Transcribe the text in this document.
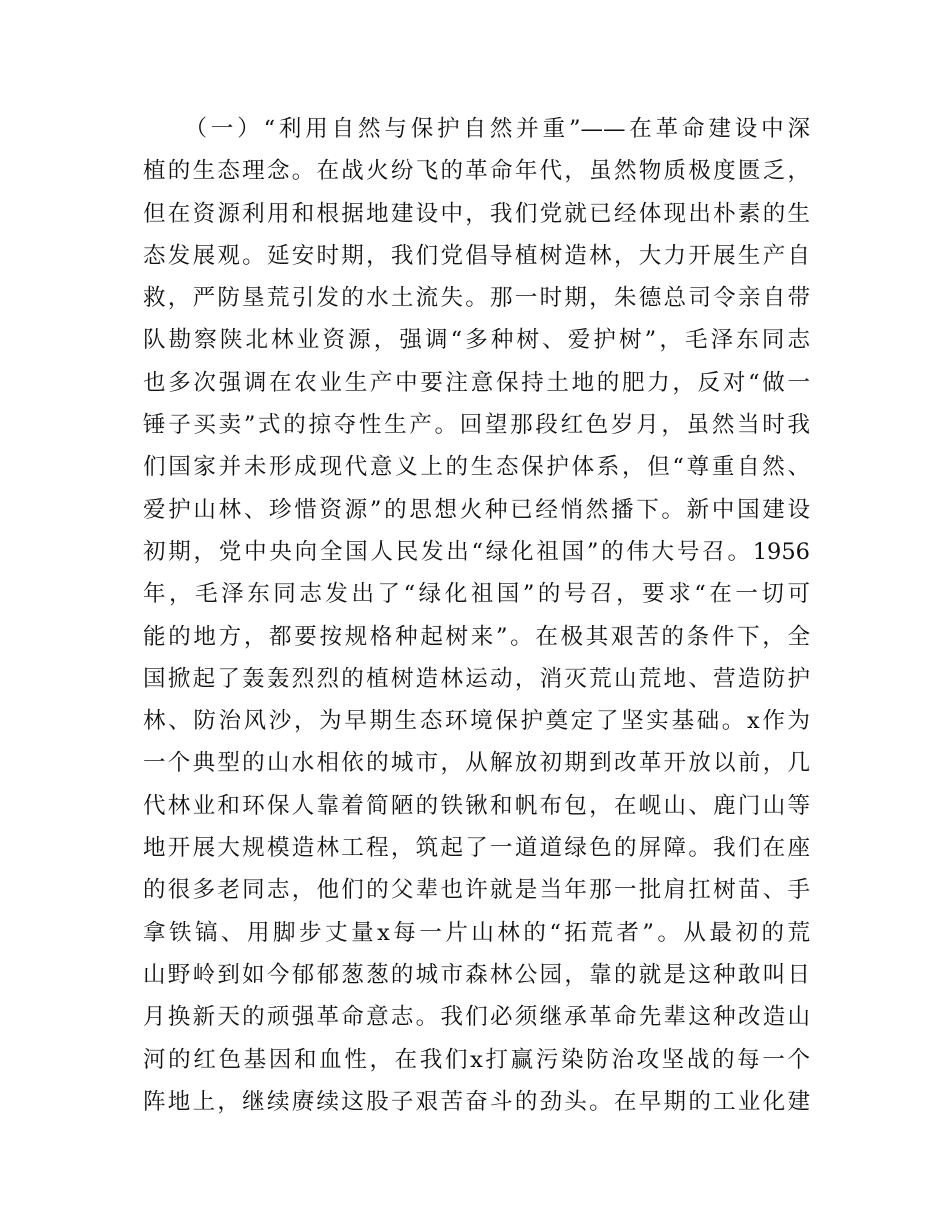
　　（一）“利用自然与保护自然并重”——在革命建设中深
植的生态理念。在战火纷飞的革命年代，虽然物质极度匮乏，
但在资源利用和根据地建设中，我们党就已经体现出朴素的生
态发展观。延安时期，我们党倡导植树造林，大力开展生产自
救，严防垦荒引发的水土流失。那一时期，朱德总司令亲自带
队勘察陕北林业资源，强调“多种树、爱护树”，毛泽东同志
也多次强调在农业生产中要注意保持土地的肥力，反对“做一
锤子买卖”式的掠夺性生产。回望那段红色岁月，虽然当时我
们国家并未形成现代意义上的生态保护体系，但“尊重自然、
爱护山林、珍惜资源”的思想火种已经悄然播下。新中国建设
初期，党中央向全国人民发出“绿化祖国”的伟大号召。1956
年，毛泽东同志发出了“绿化祖国”的号召，要求“在一切可
能的地方，都要按规格种起树来”。在极其艰苦的条件下，全
国掀起了轰轰烈烈的植树造林运动，消灭荒山荒地、营造防护
林、防治风沙，为早期生态环境保护奠定了坚实基础。x作为
一个典型的山水相依的城市，从解放初期到改革开放以前，几
代林业和环保人靠着简陋的铁锹和帆布包，在岘山、鹿门山等
地开展大规模造林工程，筑起了一道道绿色的屏障。我们在座
的很多老同志，他们的父辈也许就是当年那一批肩扛树苗、手
拿铁镐、用脚步丈量x每一片山林的“拓荒者”。从最初的荒
山野岭到如今郁郁葱葱的城市森林公园，靠的就是这种敢叫日
月换新天的顽强革命意志。我们必须继承革命先辈这种改造山
河的红色基因和血性，在我们x打赢污染防治攻坚战的每一个
阵地上，继续赓续这股子艰苦奋斗的劲头。在早期的工业化建
